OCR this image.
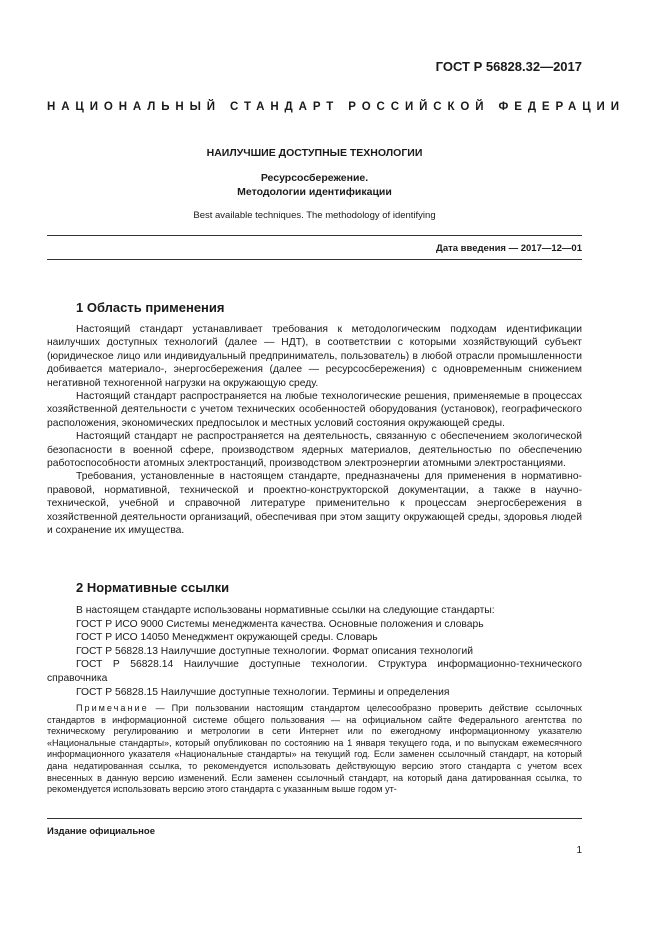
ГОСТ Р 56828.32—2017
НАЦИОНАЛЬНЫЙ СТАНДАРТ РОССИЙСКОЙ ФЕДЕРАЦИИ
НАИЛУЧШИЕ ДОСТУПНЫЕ ТЕХНОЛОГИИ
Ресурсосбережение.
Методологии идентификации
Best available techniques. The methodology of identifying
Дата введения — 2017—12—01
1 Область применения

Настоящий стандарт устанавливает требования к методологическим подходам идентификации наилучших доступных технологий (далее — НДТ), в соответствии с которыми хозяйствующий субъект (юридическое лицо или индивидуальный предприниматель, пользователь) в любой отрасли промышленности добивается материало-, энергосбережения (далее — ресурсосбережения) с одновременным снижением негативной техногенной нагрузки на окружающую среду.

Настоящий стандарт распространяется на любые технологические решения, применяемые в процессах хозяйственной деятельности с учетом технических особенностей оборудования (установок), географического расположения, экономических предпосылок и местных условий состояния окружающей среды.

Настоящий стандарт не распространяется на деятельность, связанную с обеспечением экологической безопасности в военной сфере, производством ядерных материалов, деятельностью по обеспечению работоспособности атомных электростанций, производством электроэнергии атомными электростанциями.

Требования, установленные в настоящем стандарте, предназначены для применения в нормативно-правовой, нормативной, технической и проектно-конструкторской документации, а также в научно-технической, учебной и справочной литературе применительно к процессам энергосбережения в хозяйственной деятельности организаций, обеспечивая при этом защиту окружающей среды, здоровья людей и сохранение их имущества.

2 Нормативные ссылки
В настоящем стандарте использованы нормативные ссылки на следующие стандарты:
ГОСТ Р ИСО 9000 Системы менеджмента качества. Основные положения и словарь
ГОСТ Р ИСО 14050 Менеджмент окружающей среды. Словарь
ГОСТ Р 56828.13 Наилучшие доступные технологии. Формат описания технологий
ГОСТ Р 56828.14 Наилучшие доступные технологии. Структура информационно-технического справочника
ГОСТ Р 56828.15 Наилучшие доступные технологии. Термины и определения

Примечание — При пользовании настоящим стандартом целесообразно проверить действие ссылочных стандартов в информационной системе общего пользования — на официальном сайте Федерального агентства по техническому регулированию и метрологии в сети Интернет или по ежегодному информационному указателю «Национальные стандарты», который опубликован по состоянию на 1 января текущего года, и по выпускам ежемесячного информационного указателя «Национальные стандарты» на текущий год. Если заменен ссылочный стандарт, на который дана недатированная ссылка, то рекомендуется использовать действующую версию этого стандарта с учетом всех внесенных в данную версию изменений. Если заменен ссылочный стандарт, на который дана датированная ссылка, то рекомендуется использовать версию этого стандарта с указанным выше годом ут-

Издание официальное
1
